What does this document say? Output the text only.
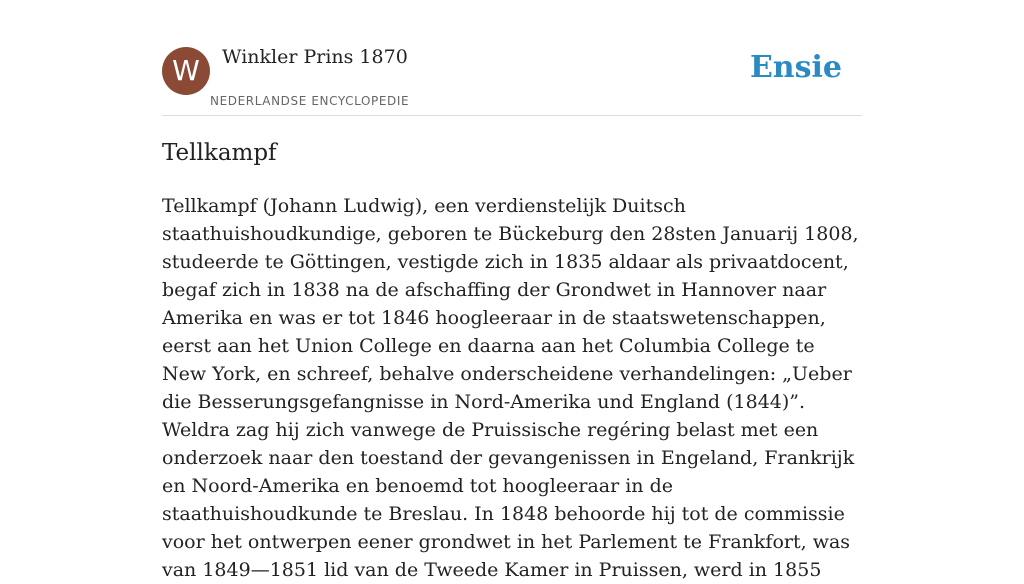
W	Winkler Prins 1870
NEDERLANDSE ENCYCLOPEDIE
Ensie
Tellkampf

Tellkampf (Johann Ludwig), een verdienstelijk Duitsch staathuishoudkundige, geboren te Bückeburg den 28sten Januarij 1808, studeerde te Göttingen, vestigde zich in 1835 aldaar als privaatdocent, begaf zich in 1838 na de afschaffing der Grondwet in Hannover naar Amerika en was er tot 1846 hoogleeraar in de staatswetenschappen, eerst aan het Union College en daarna aan het Columbia College te New York, en schreef, behalve onderscheidene verhandelingen: „Ueber die Besserungsgefangnisse in Nord-Amerika und England (1844)”. Weldra zag hij zich vanwege de Pruissische regéring belast met een onderzoek naar den toestand der gevangenissen in Engeland, Frankrijk en Noord-Amerika en benoemd tot hoogleeraar in de staathuishoudkunde te Breslau. In 1848 behoorde hij tot de commissie voor het ontwerpen eener grondwet in het Parlement te Frankfort, was van 1849—1851 lid van de Tweede Kamer in Pruissen, werd in 1855
